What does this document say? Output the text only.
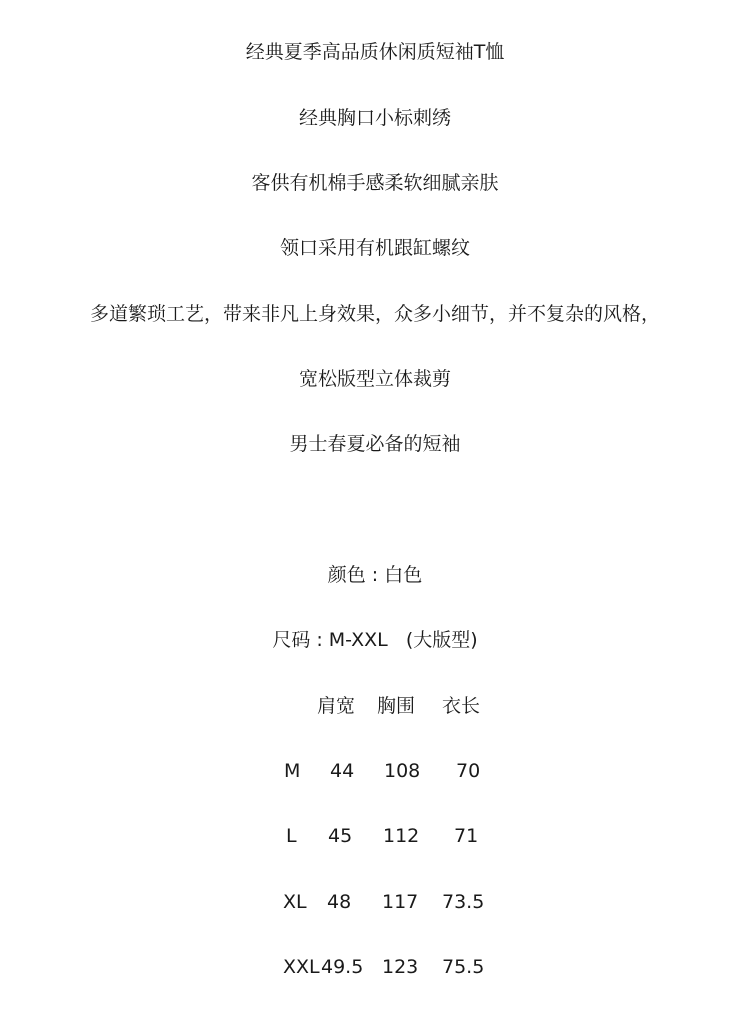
经典夏季高品质休闲质短袖T恤
经典胸口小标刺绣
客供有机棉手感柔软细腻亲肤
领口采用有机跟缸螺纹
多道繁琐工艺，带来非凡上身效果，众多小细节，并不复杂的风格，
宽松版型立体裁剪
男士春夏必备的短袖
颜色 : 白色
尺码 : M-XXL   (大版型)
肩宽 胸围 衣长
M 44 108 70
L 45 112 71
XL 48 117 73.5
XXL 49.5 123 75.5
